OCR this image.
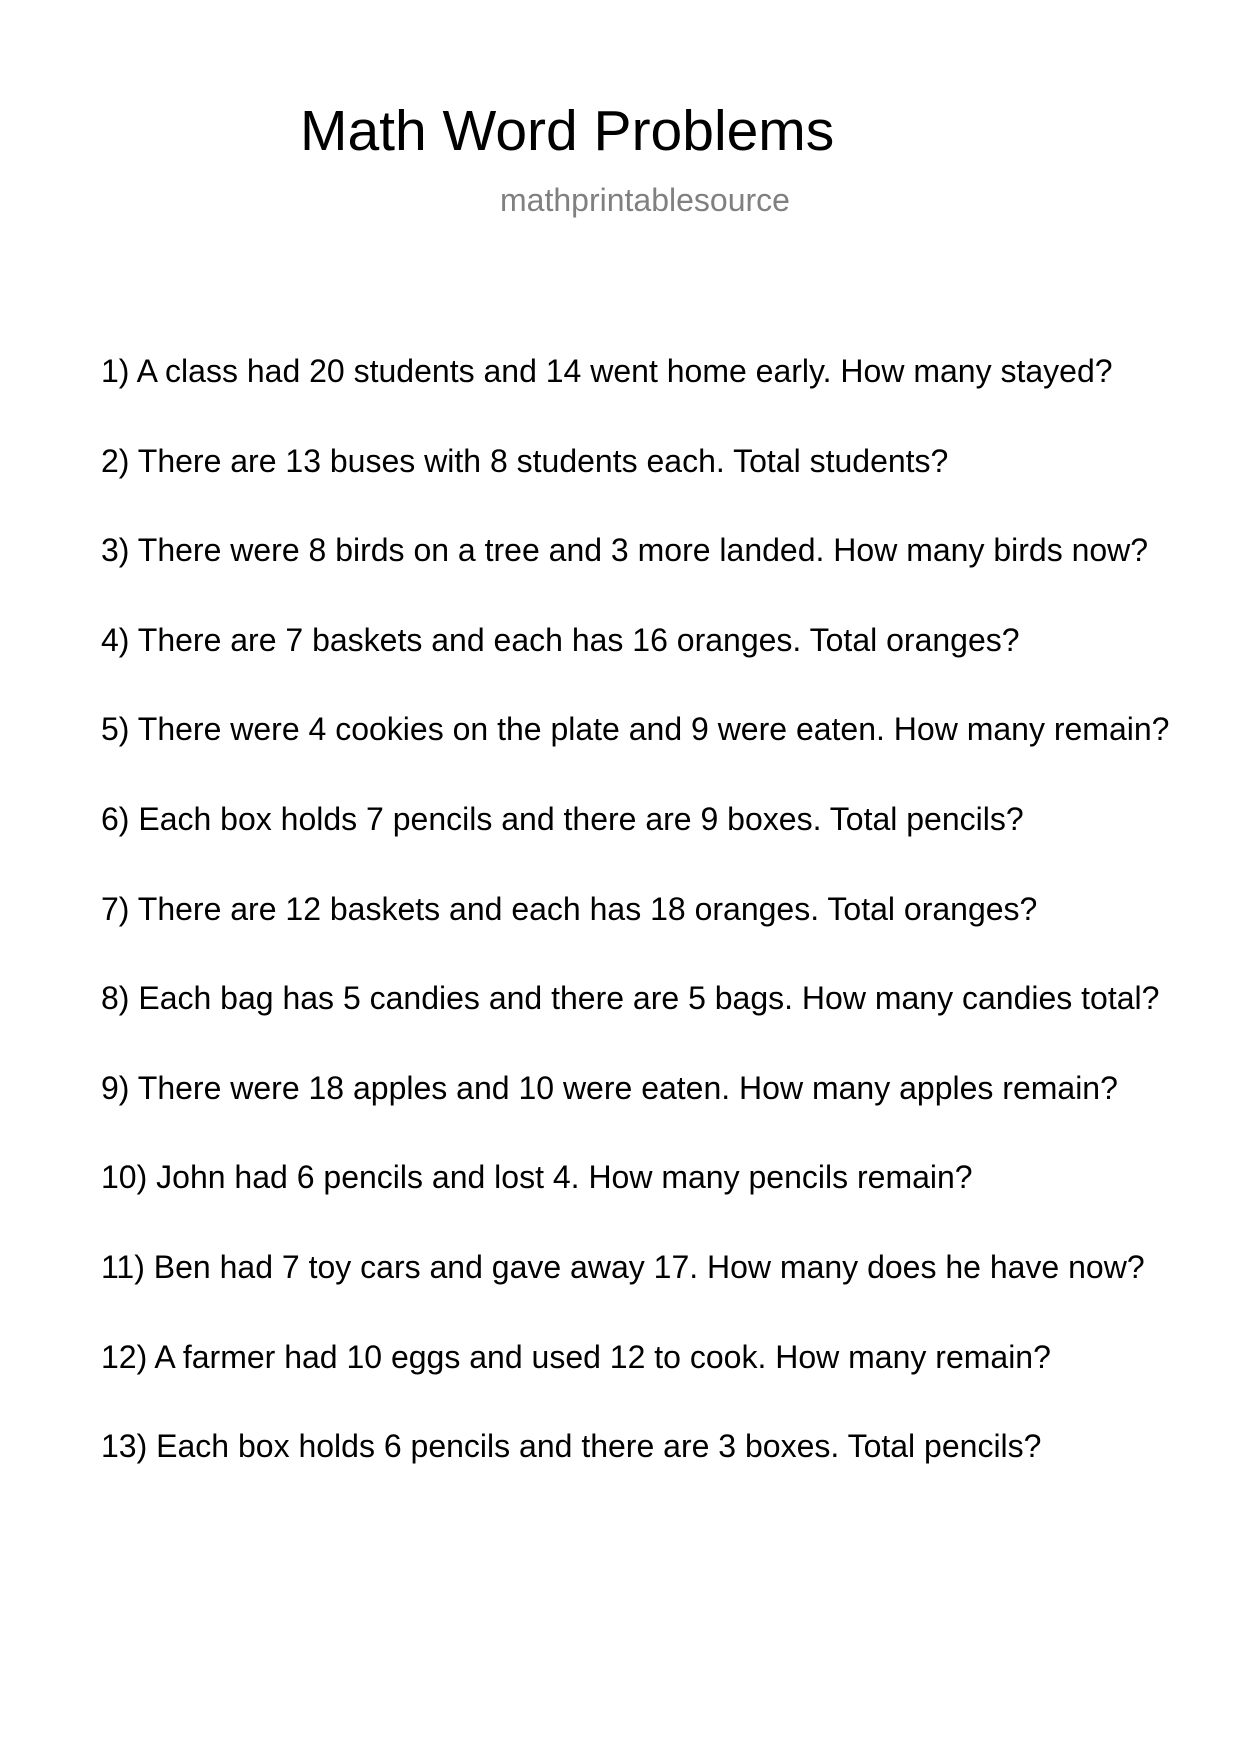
Math Word Problems
mathprintablesource
1) A class had 20 students and 14 went home early. How many stayed?
2) There are 13 buses with 8 students each. Total students?
3) There were 8 birds on a tree and 3 more landed. How many birds now?
4) There are 7 baskets and each has 16 oranges. Total oranges?
5) There were 4 cookies on the plate and 9 were eaten. How many remain?
6) Each box holds 7 pencils and there are 9 boxes. Total pencils?
7) There are 12 baskets and each has 18 oranges. Total oranges?
8) Each bag has 5 candies and there are 5 bags. How many candies total?
9) There were 18 apples and 10 were eaten. How many apples remain?
10) John had 6 pencils and lost 4. How many pencils remain?
11) Ben had 7 toy cars and gave away 17. How many does he have now?
12) A farmer had 10 eggs and used 12 to cook. How many remain?
13) Each box holds 6 pencils and there are 3 boxes. Total pencils?
